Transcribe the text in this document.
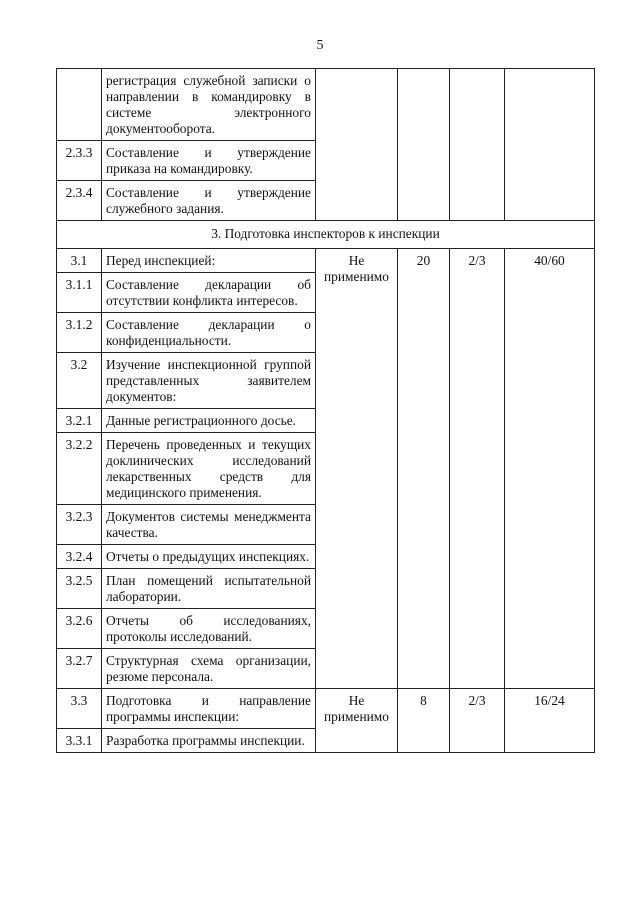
5
	регистрация служебной записки о направлении в командировку в системе электронного документооборота.				
2.3.3	Составление и утверждение приказа на командировку.				
2.3.4	Составление и утверждение служебного задания.				
3. Подготовка инспекторов к инспекции					
3.1	Перед инспекцией:	Не применимо	20	2/3	40/60
3.1.1	Составление декларации об отсутствии конфликта интересов.				
3.1.2	Составление декларации о конфиденциальности.				
3.2	Изучение инспекционной группой представленных заявителем документов:				
3.2.1	Данные регистрационного досье.				
3.2.2	Перечень проведенных и текущих доклинических исследований лекарственных средств для медицинского применения.				
3.2.3	Документов системы менеджмента качества.				
3.2.4	Отчеты о предыдущих инспекциях.				
3.2.5	План помещений испытательной лаборатории.				
3.2.6	Отчеты об исследованиях, протоколы исследований.				
3.2.7	Структурная схема организации, резюме персонала.				
3.3	Подготовка и направление программы инспекции:	Не применимо	8	2/3	16/24
3.3.1	Разработка программы инспекции.				
